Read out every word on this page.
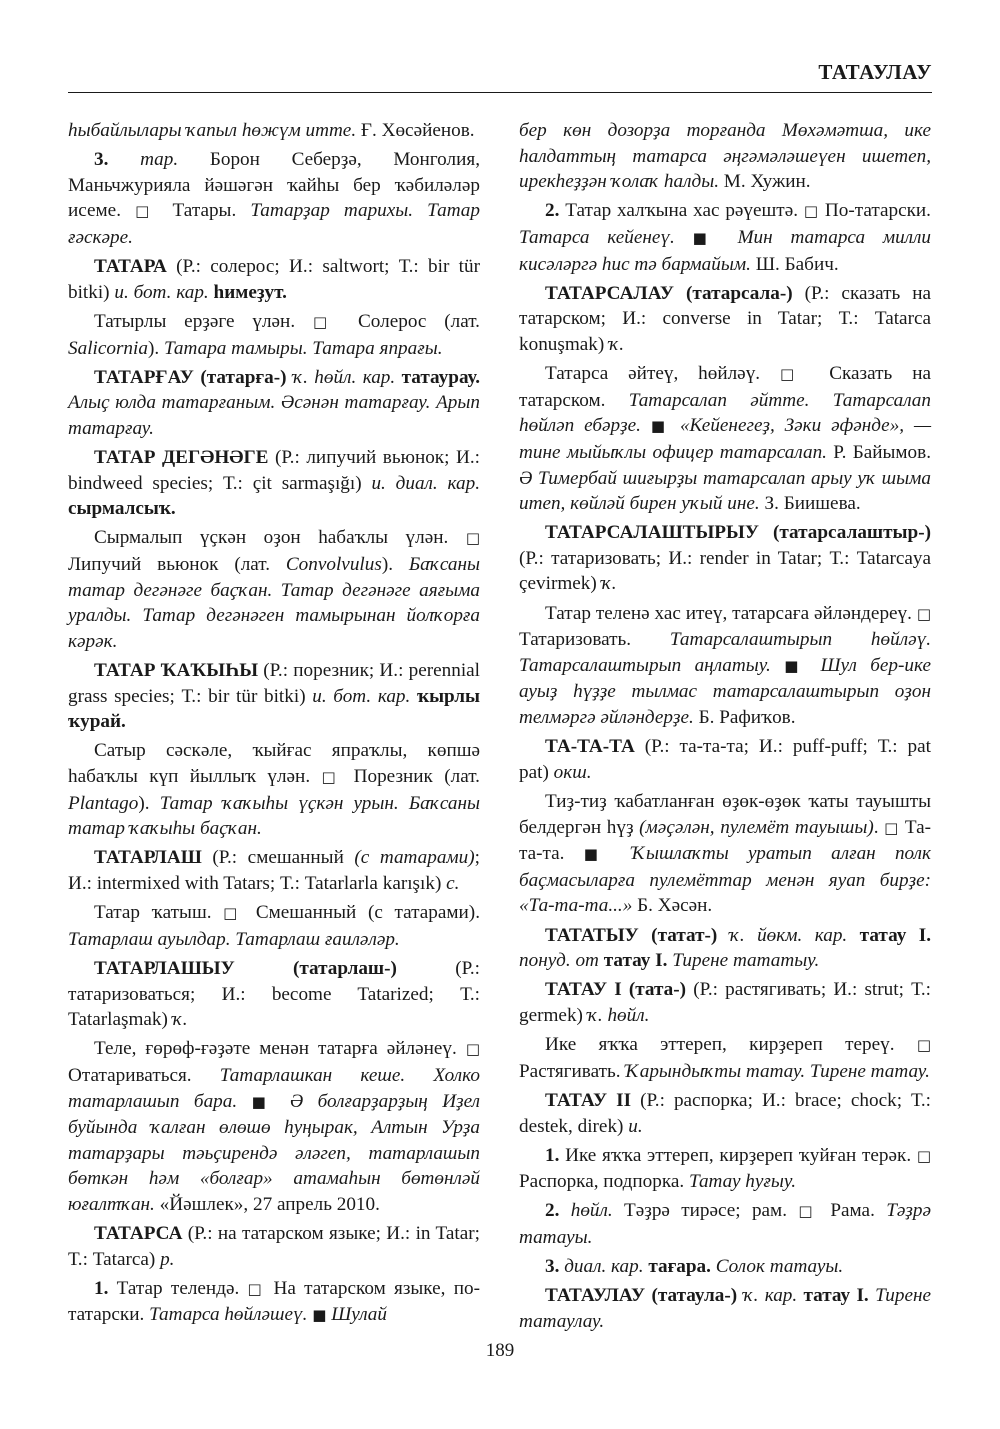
ТАТАУЛАУ

hыбайлылары ҡапыл hөжүм итте. Ғ. Хөсәйенов.

3. тар. Борон Себерҙә, Монголия, Маньчжурияла йәшәгән ҡайhы бер ҡәбиләләр исеме. □ Татары. Татарҙар тарихы. Татар ғәскәре.

ТАТАРА (Р.: солерос; И.: saltwort; Т.: bir tür bitki) и. бот. кар. hимеҙут.

Татырлы ерҙәге үлән. □ Солерос (лат. Salicornia). Татара тамыры. Татара япрағы.

ТАТАРҒАУ (татарға-) ҡ. hөйл. кар. татаурау. Алыҫ юлда татарғаным. Әсәнән татарғау. Арып татарғау.

ТАТАР ДЕГӘНӘГЕ (Р.: липучий вьюнок; И.: bindweed species; Т.: çit sarmaşığı) и. диал. кар. сырмалсыҡ.

Сырмалып үҫкән оҙон hабаҡлы үлән. □ Липучий вьюнок (лат. Convolvulus). Баҡсаны татар дегәнәге баҫҡан. Татар дегәнәге аяғыма уралды. Татар дегәнәген тамырынан йолҡорға кәрәк.

ТАТАР ҠАҠЫҺЫ (Р.: порезник; И.: perennial grass species; Т.: bir tür bitki) и. бот. кар. ҡырлы ҡурай.

Сатыр сәскәле, ҡыйғас япраҡлы, көпшә hабаҡлы күп йыллыҡ үлән. □ Порезник (лат. Plantago). Татар ҡаҡыhы үҫкән урын. Баҡсаны татар ҡаҡыhы баҫҡан.

ТАТАРЛАШ (Р.: смешанный (с татарами); И.: intermixed with Tatars; Т.: Tatarlarla karışık) с.

Татар ҡатыш. □ Смешанный (с татарами). Татарлаш ауылдар. Татарлаш ғаиләләр.

ТАТАРЛАШЫУ (татарлаш-) (Р.: татаризоваться; И.: become Tatarized; Т.: Tatarlaşmak) ҡ.

Теле, ғөрөф-ғәҙәте менән татарға әйләнеү. □ Отатариваться. Татарлашкан кеше. Холко татарлашып бара. ■ Ә болғарҙарҙың Иҙел буйында ҡалған өлөшө hуңырак, Алтын Урҙа татарҙары тәьҫирендә әләгеп, татарлашып бөткән hәм «болғар» атамаhын бөтөнләй юғалтҡан. «Йәшлек», 27 апрель 2010.

ТАТАРСА (Р.: на татарском языке; И.: in Tatar; Т.: Tatarca) р.

1. Татар телендә. □ На татарском языке, по-татарски. Татарса hөйләшеү. ■ Шулай

бер көн дозорҙа торғанда Мөхәмәтша, ике hалдаттың татарса әңгәмәләшеүен ишетеп, ирекhеҙҙән ҡолаҡ hалды. М. Хужин.

2. Татар халҡына хас рәүештә. □ По-татарски. Татарса кейенеү. ■ Мин татарса милли кисәләргә hис тә бармайым. Ш. Бабич.

ТАТАРСАЛАУ (татарсала-) (Р.: сказать на татарском; И.: converse in Tatar; Т.: Tatarca konuşmak) ҡ.

Татарса әйтеү, hөйләү. □ Сказать на татарском. Татарсалап әйтте. Татарсалап hөйләп ебәрҙе. ■ «Кейенегеҙ, Зәки әфәнде», — тине мыйыҡлы офицер татарсалап. Р. Байымов. Ә Тимербай шиғырҙы татарсалап арыу уҡ шыма итеп, көйләй бирен уҡый ине. З. Биишева.

ТАТАРСАЛАШТЫРЫУ (татарсалаштыр-) (Р.: татаризовать; И.: render in Tatar; Т.: Tatarcaya çevirmek) ҡ.

Татар теленә хас итеү, татарсаға әйләндереү. □ Татаризовать. Татарсалаштырып hөйләү. Татарсалаштырып аңлатыу. ■ Шул бер-ике ауыҙ hүҙҙе тылмас татарсалаштырып оҙон телмәргә әйләндерҙе. Б. Рафиҡов.

ТА-ТА-ТА (Р.: та-та-та; И.: puff-puff; Т.: pat pat) окш.

Тиҙ-тиҙ ҡабатланған өҙөк-өҙөк ҡаты тауышты белдергән hүҙ (мәҫәлән, пулемёт тауышы). □ Та-та-та. ■ Ҡышлаҡты уратып алған полк баҫмасыларға пулемёттар менән яуап бирҙе: «Та-та-та...» Б. Хәсән.

ТАТАТЫУ (татат-) ҡ. йөкм. кар. татау I. понуд. от татау I. Тирене тататыу.

ТАТАУ I (тата-) (Р.: растягивать; И.: strut; Т.: germek) ҡ. hөйл.

Ике яҡҡа эттереп, кирҙереп тереү. □ Растягивать. Ҡарындыҡты татау. Тирене татау.

ТАТАУ II (Р.: распорка; И.: brace; chock; Т.: destek, direk) и.

1. Ике яҡҡа эттереп, кирҙереп ҡуйған терәк. □ Распорка, подпорка. Татау hуғыу.

2. hөйл. Тәҙрә тирәсе; рам. □ Рама. Тәҙрә татауы.

3. диал. кар. тағара. Солок татауы.

ТАТАУЛАУ (татаула-) ҡ. кар. татау I. Тирене татаулау.

189
